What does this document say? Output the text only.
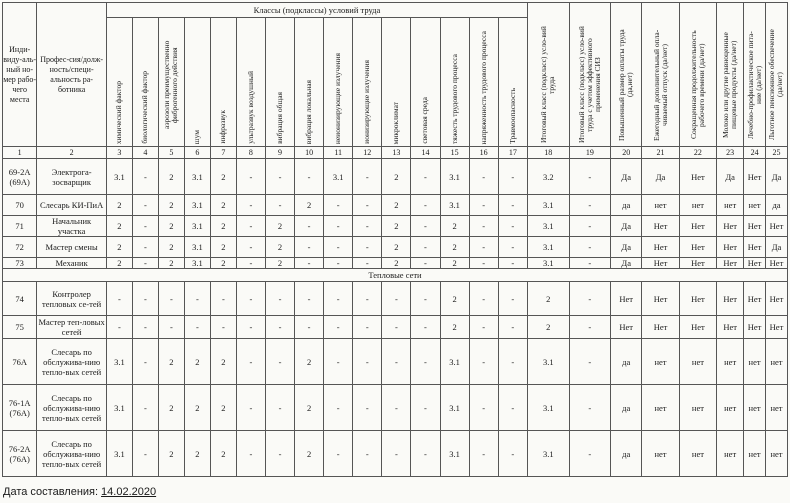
Инди-виду-аль-ный но-мер рабо-чего места	Профес-сия/долж-ность/специ-альность ра-ботника	Классы (подклассы) условий труда															Итоговый класс (подкласс) усло-вий труда	Итоговый класс (подкласс) усло-вий труда с учетом эффективного применения СИЗ	Повышенный размер оплаты труда (да,нет)	Ежегодный дополнительный опла-чиваемый отпуск (да/нет)	Сокращенная продолжительность рабочего времени (да/нет)	Молоко или другие равноценные пищевые продукты (да/нет)	Лечебно-профилактическое пита-ние (да/нет)	Льготное пенсионное обеспечение (да/нет)
		химический фактор	биологический фактор	аэрозоли преимущественно фиброгенного действия	шум	инфразвук	ультразвук воздушный	вибрация общая	вибрация локальная	неионизирующие излучения	ионизирующие излучения	микроклимат	световая среда	тяжесть трудового процесса	напряженность трудового процесса	Травмоопасность								
1	2	3	4	5	6	7	8	9	10	11	12	13	14	15	16	17	18	19	20	21	22	23	24	25
69-2А (69А)	Электрога-зосварщик	3.1	-	2	3.1	2	-	-	-	3.1	-	2	-	3.1	-	-	3.2	-	Да	Да	Нет	Да	Нет	Да
70	Слесарь КИ-ПиА	2	-	2	3.1	2	-	-	2	-	-	2	-	3.1	-	-	3.1	-	да	нет	нет	нет	нет	да
71	Начальник участка	2	-	2	3.1	2	-	2	-	-	-	2	-	2	-	-	3.1	-	Да	Нет	Нет	Нет	Нет	Нет
72	Мастер смены	2	-	2	3.1	2	-	2	-	-	-	2	-	2	-	-	3.1	-	Да	Нет	Нет	Нет	Нет	Да
73	Механик	2	-	2	3.1	2	-	2	-	-	-	2	-	2	-	-	3.1	-	Да	Нет	Нет	Нет	Нет	Нет
Тепловые сети																								
74	Контролер тепловых се-тей	-	-	-	-	-	-	-	-	-	-	-	-	2	-	-	2	-	Нет	Нет	Нет	Нет	Нет	Нет
75	Мастер теп-ловых сетей	-	-	-	-	-	-	-	-	-	-	-	-	2	-	-	2	-	Нет	Нет	Нет	Нет	Нет	Нет
76А	Слесарь по обслужива-нию тепло-вых сетей	3.1	-	2	2	2	-	-	2	-	-	-	-	3.1	-	-	3.1	-	да	нет	нет	нет	нет	нет
76-1А (76А)	Слесарь по обслужива-нию тепло-вых сетей	3.1	-	2	2	2	-	-	2	-	-	-	-	3.1	-	-	3.1	-	да	нет	нет	нет	нет	нет
76-2А (76А)	Слесарь по обслужива-нию тепло-вых сетей	3.1	-	2	2	2	-	-	2	-	-	-	-	3.1	-	-	3.1	-	да	нет	нет	нет	нет	нет
Дата составления: 14.02.2020
